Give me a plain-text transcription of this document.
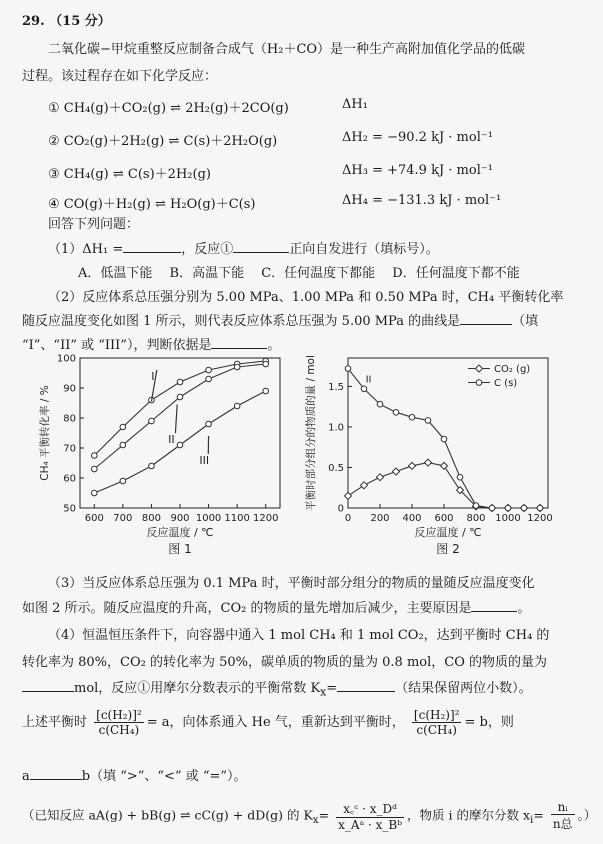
29. （15 分）
二氧化碳−甲烷重整反应制备合成气（H₂＋CO）是一种生产高附加值化学品的低碳
过程。该过程存在如下化学反应：
① CH₄(g)＋CO₂(g) ⇌ 2H₂(g)＋2CO(g)	ΔH₁
② CO₂(g)＋2H₂(g) ⇌ C(s)＋2H₂O(g)	ΔH₂ = −90.2 kJ · mol⁻¹
③ CH₄(g) ⇌ C(s)＋2H₂(g)	ΔH₃ = +74.9 kJ · mol⁻¹
④ CO(g)＋H₂(g) ⇌ H₂O(g)＋C(s)	ΔH₄ = −131.3 kJ · mol⁻¹
回答下列问题：
（1）ΔH₁ =	，反应①	正向自发进行（填标号）。
A．低温下能　 B．高温下能　 C．任何温度下都能　 D．任何温度下都不能
（2）反应体系总压强分别为 5.00 MPa、1.00 MPa 和 0.50 MPa 时，CH₄ 平衡转化率
随反应温度变化如图 1 所示，则代表反应体系总压强为 5.00 MPa 的曲线是	（填
“I”、“II” 或 “III”），判断依据是	。
600 700 800 900 1000 1100 1200
50
60
70
80
90
100
反应温度 / ℃
CH₄ 平衡转化率 / %
图 1
I
II
III
0 200 400 600 800 1000 1200
0
0.5
1.0
1.5
反应温度 / ℃
平衡时部分组分的物质的量 / mol
图 2
II
CO₂ (g)
C (s)
（3）当反应体系总压强为 0.1 MPa 时，平衡时部分组分的物质的量随反应温度变化
如图 2 所示。随反应温度的升高，CO₂ 的物质的量先增加后减少，主要原因是	。
（4）恒温恒压条件下，向容器中通入 1 mol CH₄ 和 1 mol CO₂，达到平衡时 CH₄ 的
转化率为 80%，CO₂ 的转化率为 50%，碳单质的物质的量为 0.8 mol，CO 的物质的量为
mol，反应①用摩尔分数表示的平衡常数 $K_x=$	（结果保留两位小数）。
上述平衡时 $\frac{\text{[c(H₂)]²}}{\text{c(CH₄)}} = a$，向体系通入 He 气，重新达到平衡时， $\frac{\text{[c(H₂)]²}}{\text{c(CH₄)}} = b$，则
a	b（填 “>”、“<” 或 “=”）。
（已知反应 aA(g) + bB(g) ⇌ cC(g) + dD(g) 的 $K_x= \frac{\text{x꜀ᶜ · x\_Dᵈ}}{\text{x\_Aᵃ · x\_Bᵇ}}$ ，物质 i 的摩尔分数 $x_i= \frac{\text{nᵢ}}{\text{n总}}$ 。）
